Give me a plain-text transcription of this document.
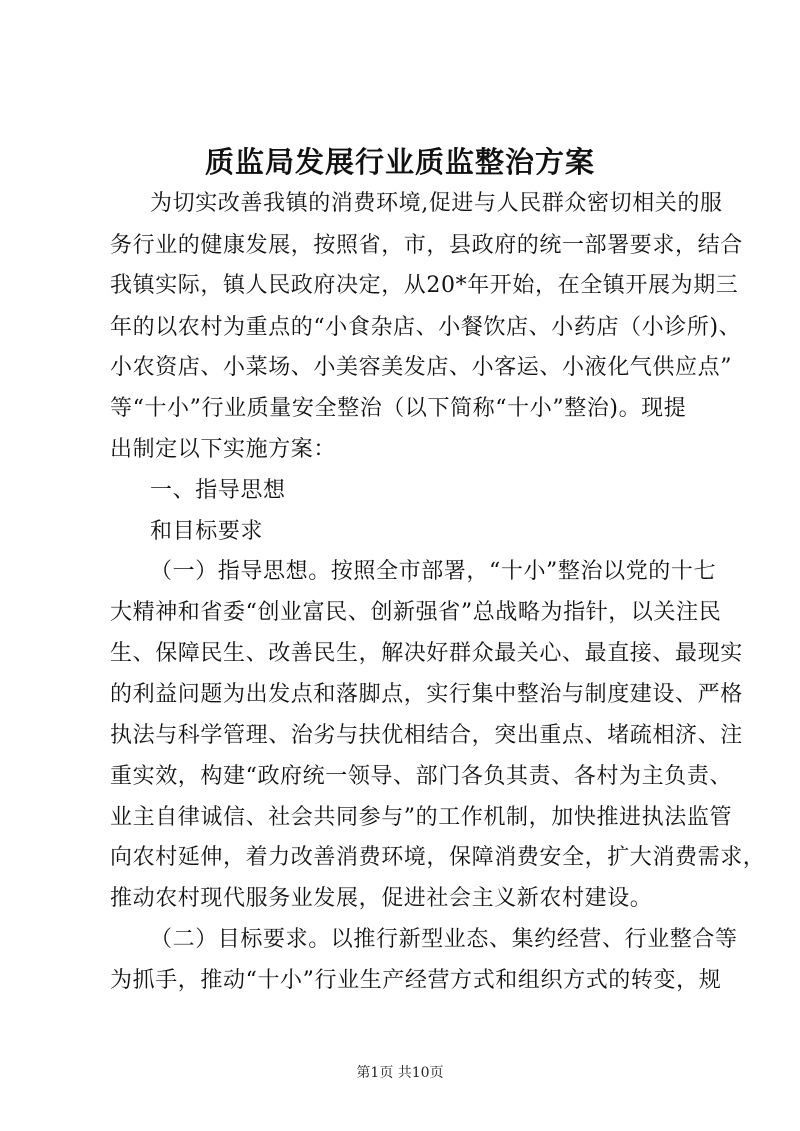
质监局发展行业质监整治方案
为切实改善我镇的消费环境,促进与人民群众密切相关的服
务行业的健康发展，按照省，市，县政府的统一部署要求，结合
我镇实际，镇人民政府决定，从20*年开始，在全镇开展为期三
年的以农村为重点的“小食杂店、小餐饮店、小药店（小诊所)、
小农资店、小菜场、小美容美发店、小客运、小液化气供应点”
等“十小”行业质量安全整治（以下简称“十小”整治)。现提
出制定以下实施方案：
一、指导思想
和目标要求
（一）指导思想。按照全市部署，“十小”整治以党的十七
大精神和省委“创业富民、创新强省”总战略为指针，以关注民
生、保障民生、改善民生，解决好群众最关心、最直接、最现实
的利益问题为出发点和落脚点，实行集中整治与制度建设、严格
执法与科学管理、治劣与扶优相结合，突出重点、堵疏相济、注
重实效，构建“政府统一领导、部门各负其责、各村为主负责、
业主自律诚信、社会共同参与”的工作机制，加快推进执法监管
向农村延伸，着力改善消费环境，保障消费安全，扩大消费需求，
推动农村现代服务业发展，促进社会主义新农村建设。
（二）目标要求。以推行新型业态、集约经营、行业整合等
为抓手，推动“十小”行业生产经营方式和组织方式的转变，规
第1页 共10页
